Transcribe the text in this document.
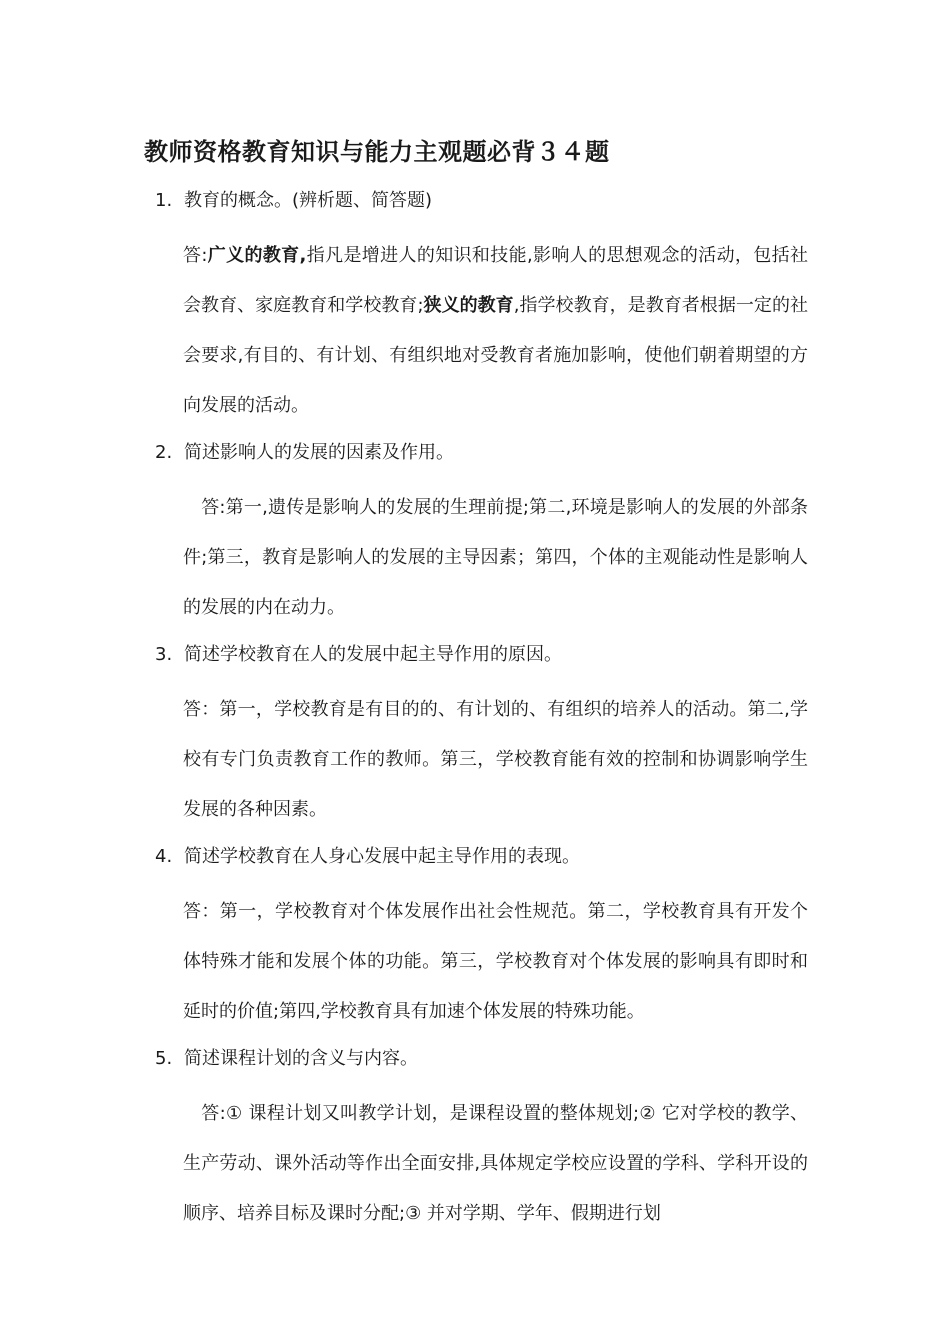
教师资格教育知识与能力主观题必背３４题
1. 教育的概念。(辨析题、简答题)
答:广义的教育,指凡是增进人的知识和技能,影响人的思想观念的活动，包括社会教育、家庭教育和学校教育;狭义的教育,指学校教育，是教育者根据一定的社会要求,有目的、有计划、有组织地对受教育者施加影响，使他们朝着期望的方向发展的活动。
2. 简述影响人的发展的因素及作用。
　答:第一,遗传是影响人的发展的生理前提;第二,环境是影响人的发展的外部条件;第三，教育是影响人的发展的主导因素；第四，个体的主观能动性是影响人的发展的内在动力。
3. 简述学校教育在人的发展中起主导作用的原因。
答：第一，学校教育是有目的的、有计划的、有组织的培养人的活动。第二,学校有专门负责教育工作的教师。第三，学校教育能有效的控制和协调影响学生发展的各种因素。
4. 简述学校教育在人身心发展中起主导作用的表现。
答：第一，学校教育对个体发展作出社会性规范。第二，学校教育具有开发个体特殊才能和发展个体的功能。第三，学校教育对个体发展的影响具有即时和延时的价值;第四,学校教育具有加速个体发展的特殊功能。
5. 简述课程计划的含义与内容。
　答:① 课程计划又叫教学计划，是课程设置的整体规划;② 它对学校的教学、生产劳动、课外活动等作出全面安排,具体规定学校应设置的学科、学科开设的顺序、培养目标及课时分配;③ 并对学期、学年、假期进行划
